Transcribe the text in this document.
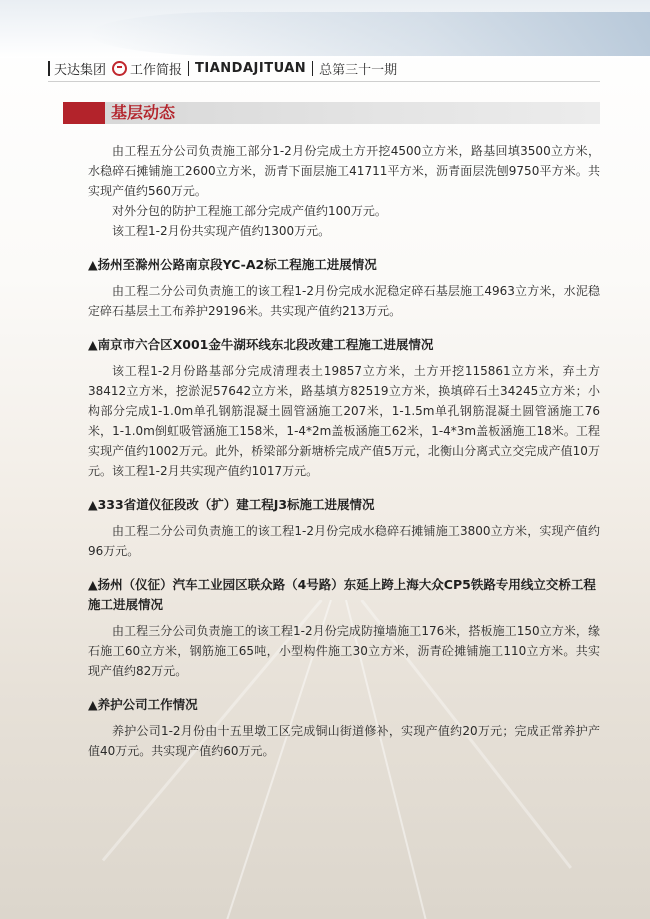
天达集团 工作简报 TIANDAJITUAN 总第三十一期
基层动态

由工程五分公司负责施工部分1-2月份完成土方开挖4500立方米，路基回填3500立方米，水稳碎石摊铺施工2600立方米，沥青下面层施工41711平方米，沥青面层洗刨9750平方米。共实现产值约560万元。

对外分包的防护工程施工部分完成产值约100万元。

该工程1-2月份共实现产值约1300万元。

▲扬州至滁州公路南京段YC-A2标工程施工进展情况

由工程二分公司负责施工的该工程1-2月份完成水泥稳定碎石基层施工4963立方米，水泥稳定碎石基层土工布养护29196米。共实现产值约213万元。

▲南京市六合区X001金牛湖环线东北段改建工程施工进展情况

该工程1-2月份路基部分完成清理表土19857立方米，土方开挖115861立方米，弃土方38412立方米，挖淤泥57642立方米，路基填方82519立方米，换填碎石土34245立方米；小构部分完成1-1.0m单孔钢筋混凝土圆管涵施工207米，1-1.5m单孔钢筋混凝土圆管涵施工76米，1-1.0m倒虹吸管涵施工158米，1-4*2m盖板涵施工62米，1-4*3m盖板涵施工18米。工程实现产值约1002万元。此外，桥梁部分新塘桥完成产值5万元，北衡山分离式立交完成产值10万元。该工程1-2月共实现产值约1017万元。

▲333省道仪征段改（扩）建工程J3标施工进展情况

由工程二分公司负责施工的该工程1-2月份完成水稳碎石摊铺施工3800立方米，实现产值约96万元。

▲扬州（仪征）汽车工业园区联众路（4号路）东延上跨上海大众CP5铁路专用线立交桥工程施工进展情况

由工程三分公司负责施工的该工程1-2月份完成防撞墙施工176米，搭板施工150立方米，缘石施工60立方米，钢筋施工65吨，小型构件施工30立方米，沥青砼摊铺施工110立方米。共实现产值约82万元。

▲养护公司工作情况

养护公司1-2月份由十五里墩工区完成铜山街道修补，实现产值约20万元；完成正常养护产值40万元。共实现产值约60万元。
